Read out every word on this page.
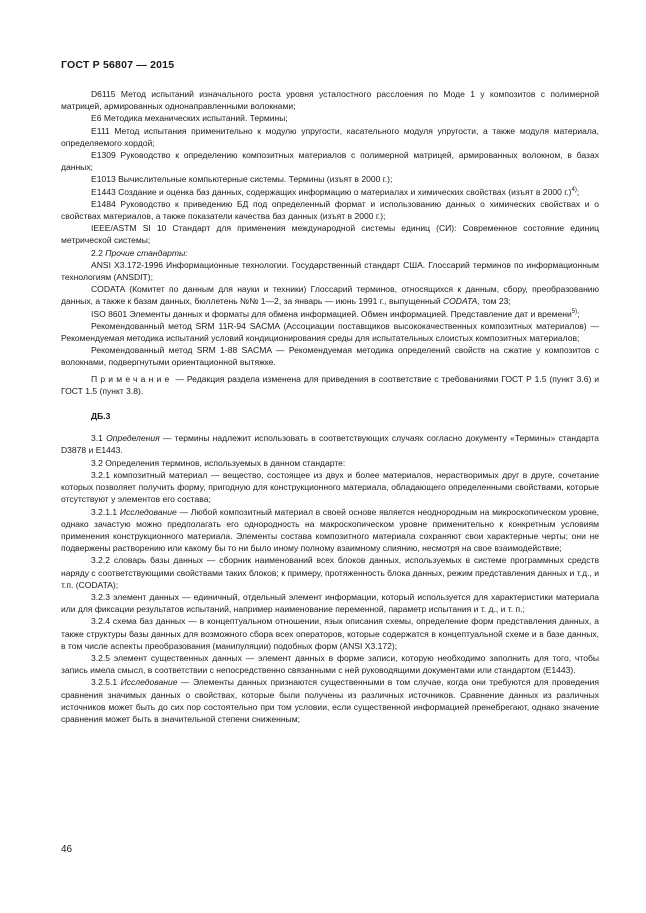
ГОСТ Р 56807 — 2015
D6115 Метод испытаний изначального роста уровня усталостного расслоения по Моде 1 у композитов с полимерной матрицей, армированных однонаправленными волокнами;
E6 Методика механических испытаний. Термины;
E111 Метод испытания применительно к модулю упругости, касательного модуля упругости, а также модуля материала, определяемого хордой;
E1309 Руководство к определению композитных материалов с полимерной матрицей, армированных волокном, в базах данных;
E1013 Вычислительные компьютерные системы. Термины (изъят в 2000 г.);
E1443 Создание и оценка баз данных, содержащих информацию о материалах и химических свойствах (изъят в 2000 г.)$^{4)}$;
E1484 Руководство к приведению БД под определенный формат и использованию данных о химических свойствах и о свойствах материалов, а также показатели качества баз данных (изъят в 2000 г.);
IEEE/ASTM SI 10 Стандарт для применения международной системы единиц (СИ): Современное состояние единиц метрической системы;
2.2 Прочие стандарты:
ANSI X3.172-1996 Информационные технологии. Государственный стандарт США. Глоссарий терминов по информационным технологиям (ANSDIT);
CODATA (Комитет по данным для науки и техники) Глоссарий терминов, относящихся к данным, сбору, преобразованию данных, а также к базам данных, бюллетень №№ 1—2, за январь — июнь 1991 г., выпущенный CODATA, том 23;
ISO 8601 Элементы данных и форматы для обмена информацией. Обмен информацией. Представление дат и времени$^{5)}$;
Рекомендованный метод SRM 11R-94 SACMA (Ассоциации поставщиков высококачественных композитных материалов) — Рекомендуемая методика испытаний условий кондиционирования среды для испытательных слоистых композитных материалов;
Рекомендованный метод SRM 1-88 SACMA — Рекомендуемая методика определений свойств на сжатие у композитов с волокнами, подвергнутыми ориентационной вытяжке.
Примечание — Редакция раздела изменена для приведения в соответствие с требованиями ГОСТ Р 1.5 (пункт 3.6) и ГОСТ 1.5 (пункт 3.8).
ДБ.3
3.1 Определения — термины надлежит использовать в соответствующих случаях согласно документу «Термины» стандарта D3878 и E1443.
3.2 Определения терминов, используемых в данном стандарте:
3.2.1 композитный материал — вещество, состоящее из двух и более материалов, нерастворимых друг в друге, сочетание которых позволяет получить форму, пригодную для конструкционного материала, обладающего определенными свойствами, которые отсутствуют у элементов его состава;
3.2.1.1 Исследование — Любой композитный материал в своей основе является неоднородным на микроскопическом уровне, однако зачастую можно предполагать его однородность на макроскопическом уровне применительно к конкретным условиям применения конструкционного материала. Элементы состава композитного материала сохраняют свои характерные черты; они не подвержены растворению или какому бы то ни было иному полному взаимному слиянию, несмотря на свое взаимодействие;
3.2.2 словарь базы данных — сборник наименований всех блоков данных, используемых в системе программных средств наряду с соответствующими свойствами таких блоков; к примеру, протяженность блока данных, режим представления данных и т.д., и т.п. (CODATA);
3.2.3 элемент данных — единичный, отдельный элемент информации, который используется для характеристики материала или для фиксации результатов испытаний, например наименование переменной, параметр испытания и т. д., и т. п.;
3.2.4 схема баз данных — в концептуальном отношении, язык описания схемы, определение форм представления данных, а также структуры базы данных для возможного сбора всех операторов, которые содержатся в концептуальной схеме и в базе данных, в том числе аспекты преобразования (манипуляции) подобных форм (ANSI X3.172);
3.2.5 элемент существенных данных — элемент данных в форме записи, которую необходимо заполнить для того, чтобы запись имела смысл, в соответствии с непосредственно связанными с ней руководящими документами или стандартом (E1443).
3.2.5.1 Исследование — Элементы данных признаются существенными в том случае, когда они требуются для проведения сравнения значимых данных о свойствах, которые были получены из различных источников. Сравнение данных из различных источников может быть до сих пор состоятельно при том условии, если существенной информацией пренебрегают, однако значение сравнения может быть в значительной степени сниженным;
46
